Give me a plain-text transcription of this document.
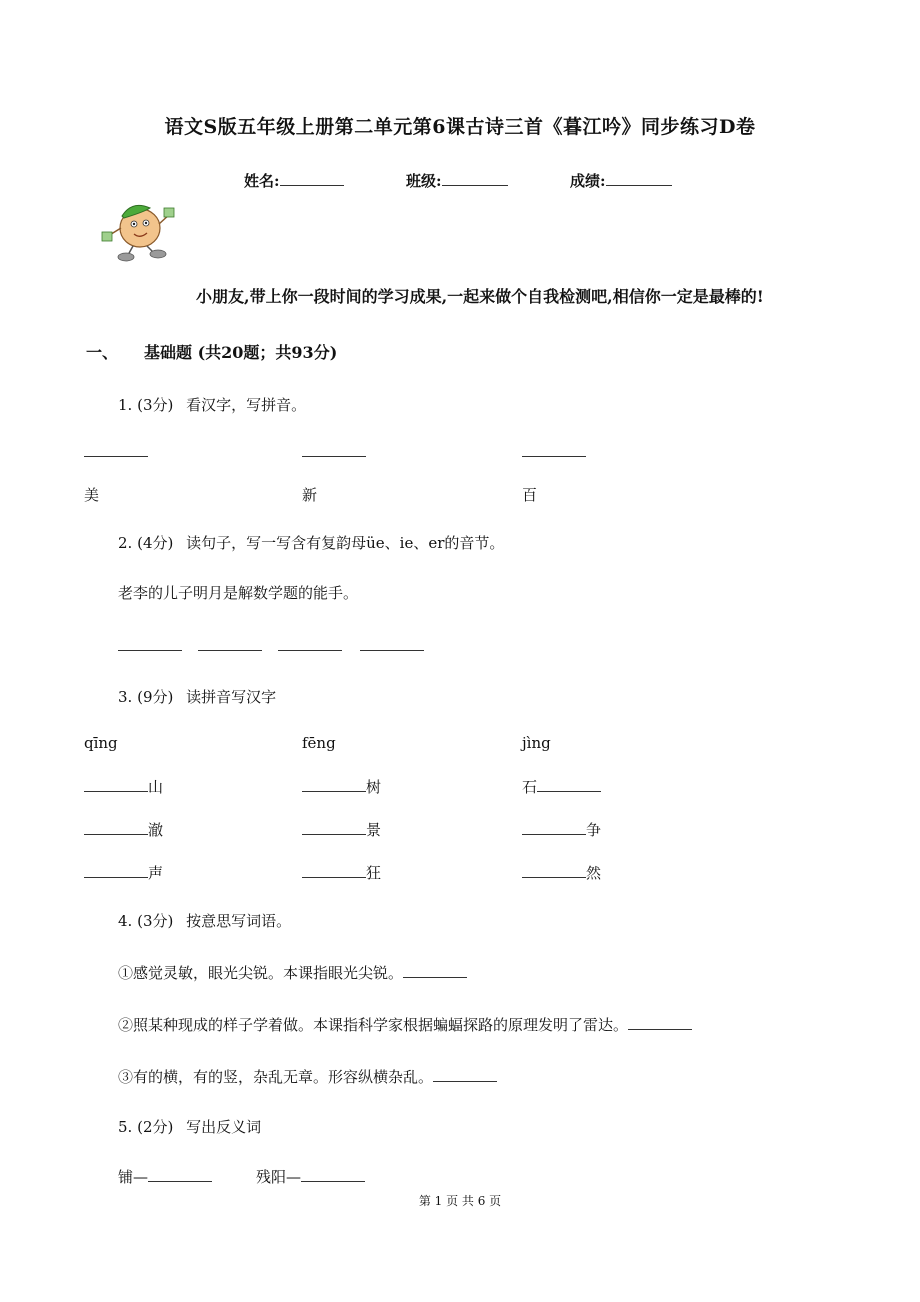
语文S版五年级上册第二单元第6课古诗三首《暮江吟》同步练习D卷
姓名:	班级:	成绩:
小朋友,带上你一段时间的学习成果,一起来做个自我检测吧,相信你一定是最棒的!
一、 基础题 (共20题；共93分)
1. (3分) 看汉字，写拼音。
美	新	百
2. (4分) 读句子，写一写含有复韵母üe、ie、er的音节。
老李的儿子明月是解数学题的能手。
3. (9分) 读拼音写汉字
qīng	fēng	jìng
山	树	石
澈	景	争
声	狂	然
4. (3分) 按意思写词语。
①感觉灵敏，眼光尖锐。本课指眼光尖锐。
②照某种现成的样子学着做。本课指科学家根据蝙蝠探路的原理发明了雷达。
③有的横，有的竖，杂乱无章。形容纵横杂乱。
5. (2分) 写出反义词
铺—	残阳—
第 1 页 共 6 页
